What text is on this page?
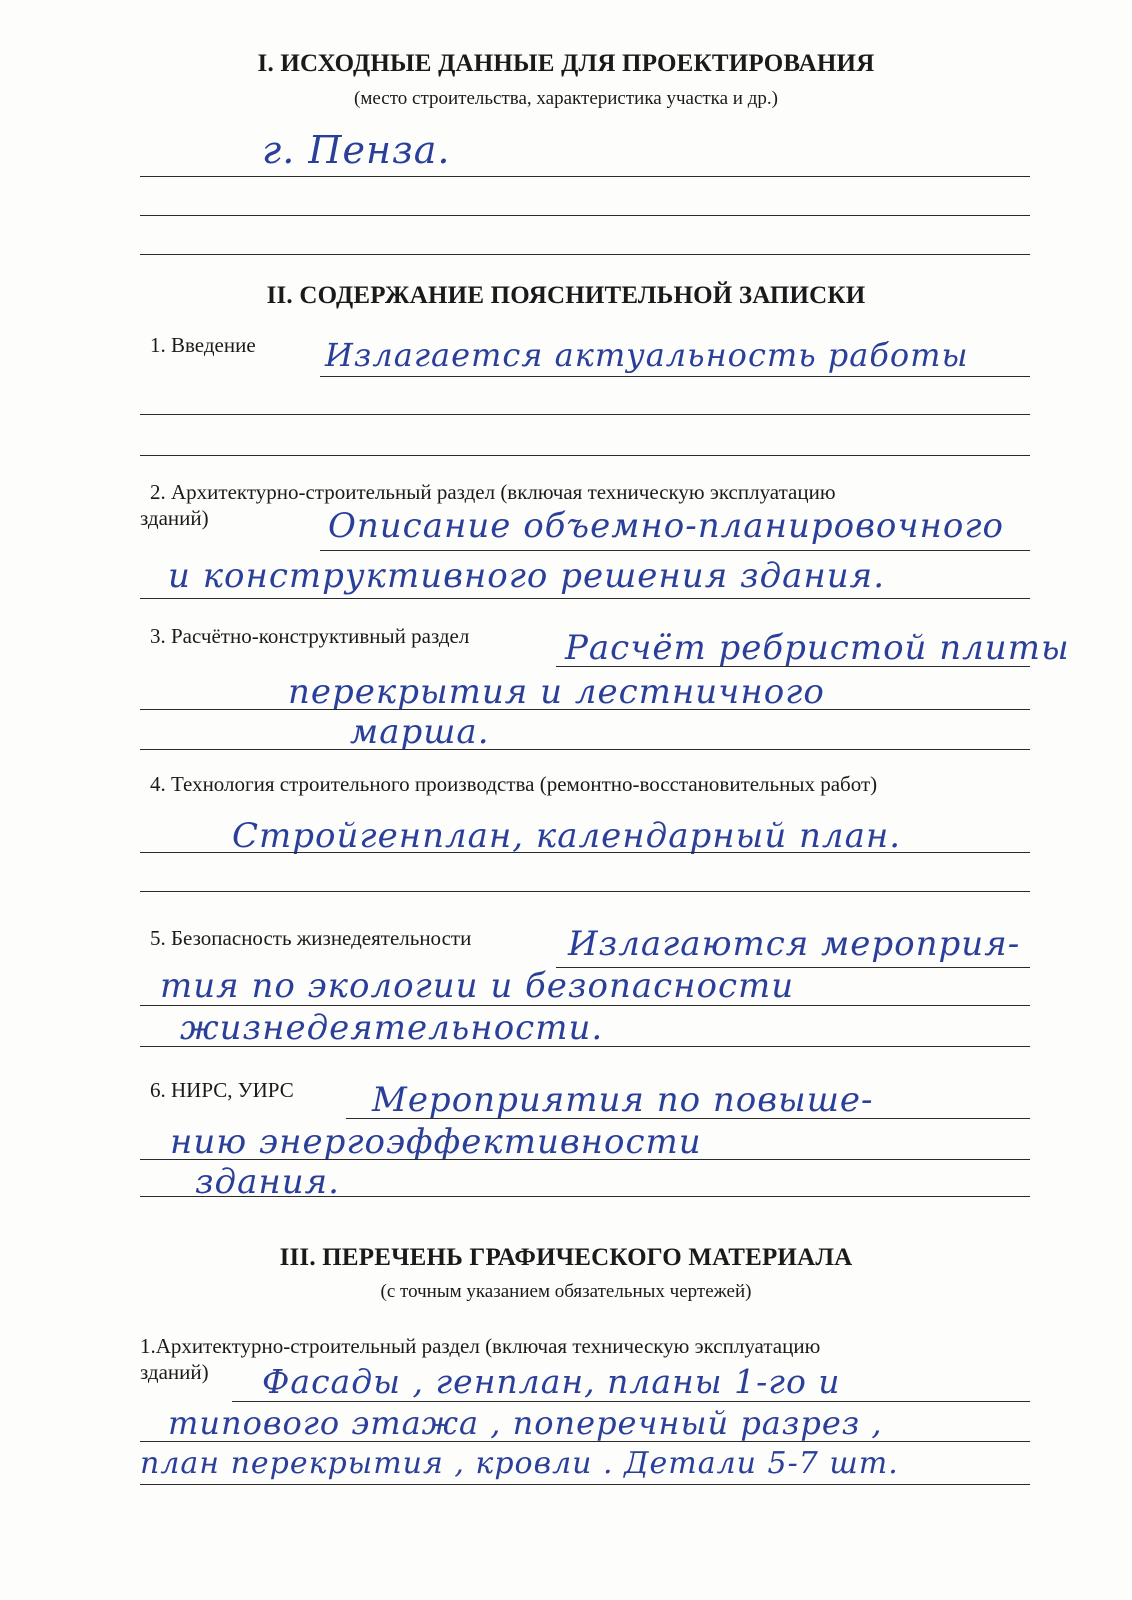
I. ИСХОДНЫЕ ДАННЫЕ ДЛЯ ПРОЕКТИРОВАНИЯ
(место строительства, характеристика участка и др.)
г. Пенза.
II. СОДЕРЖАНИЕ ПОЯСНИТЕЛЬНОЙ ЗАПИСКИ
1. Введение Излагается актуальность работы
2. Архитектурно-строительный раздел (включая техническую эксплуатацию
зданий)	Описание объемно-планировочного
и конструктивного решения здания.
3. Расчётно-конструктивный раздел	Расчёт ребристой плиты
перекрытия и лестничного
марша.
4. Технология строительного производства (ремонтно-восстановительных работ)
Стройгенплан, календарный план.
5. Безопасность жизнедеятельности	Излагаются мероприя-
тия по экологии и безопасности
жизнедеятельности.
6. НИРС, УИРС Мероприятия по повыше-
нию энергоэффективности
здания.
III. ПЕРЕЧЕНЬ ГРАФИЧЕСКОГО МАТЕРИАЛА
(с точным указанием обязательных чертежей)
1.Архитектурно-строительный раздел (включая техническую эксплуатацию
зданий) Фасады , генплан, планы 1-го и
типового этажа , поперечный разрез ,
план перекрытия , кровли . Детали 5-7 шт.
